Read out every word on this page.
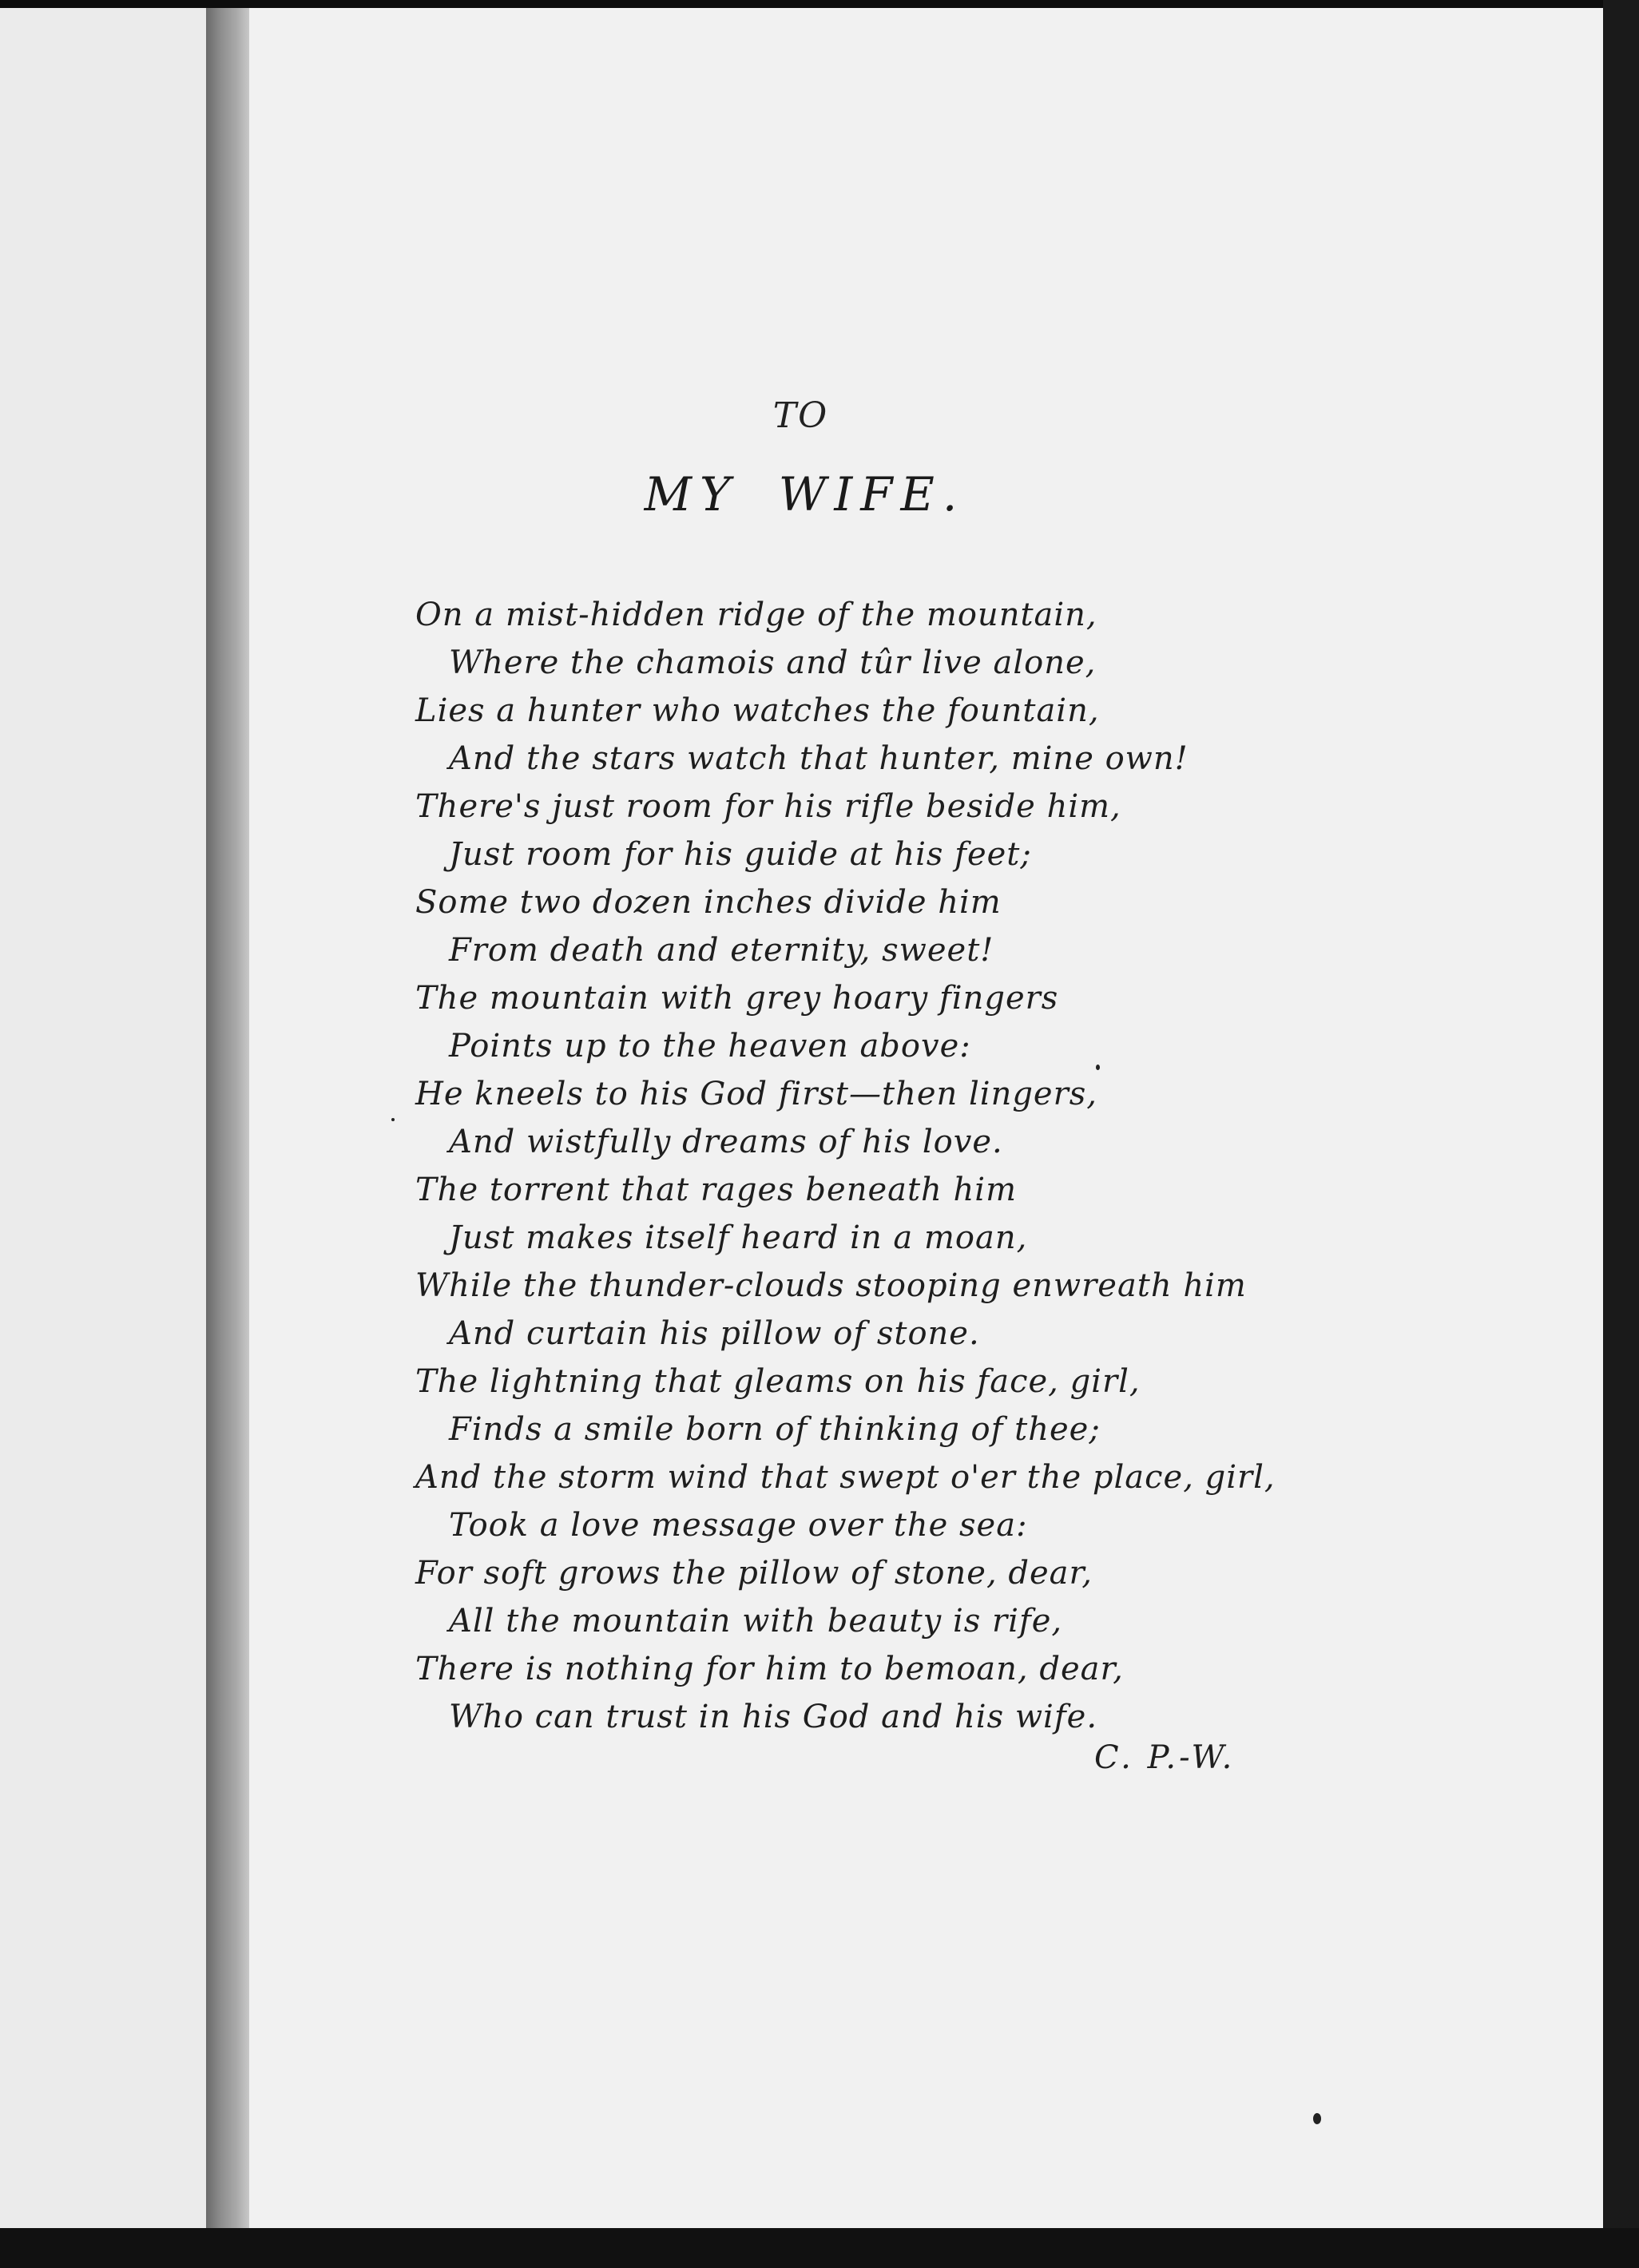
TO
MY WIFE.
On a mist-hidden ridge of the mountain,
Where the chamois and tûr live alone,
Lies a hunter who watches the fountain,
And the stars watch that hunter, mine own!
There's just room for his rifle beside him,
Just room for his guide at his feet;
Some two dozen inches divide him
From death and eternity, sweet!
The mountain with grey hoary fingers
Points up to the heaven above:
He kneels to his God first—then lingers,
And wistfully dreams of his love.
The torrent that rages beneath him
Just makes itself heard in a moan,
While the thunder-clouds stooping enwreath him
And curtain his pillow of stone.
The lightning that gleams on his face, girl,
Finds a smile born of thinking of thee;
And the storm wind that swept o'er the place, girl,
Took a love message over the sea:
For soft grows the pillow of stone, dear,
All the mountain with beauty is rife,
There is nothing for him to bemoan, dear,
Who can trust in his God and his wife.
C. P.-W.
